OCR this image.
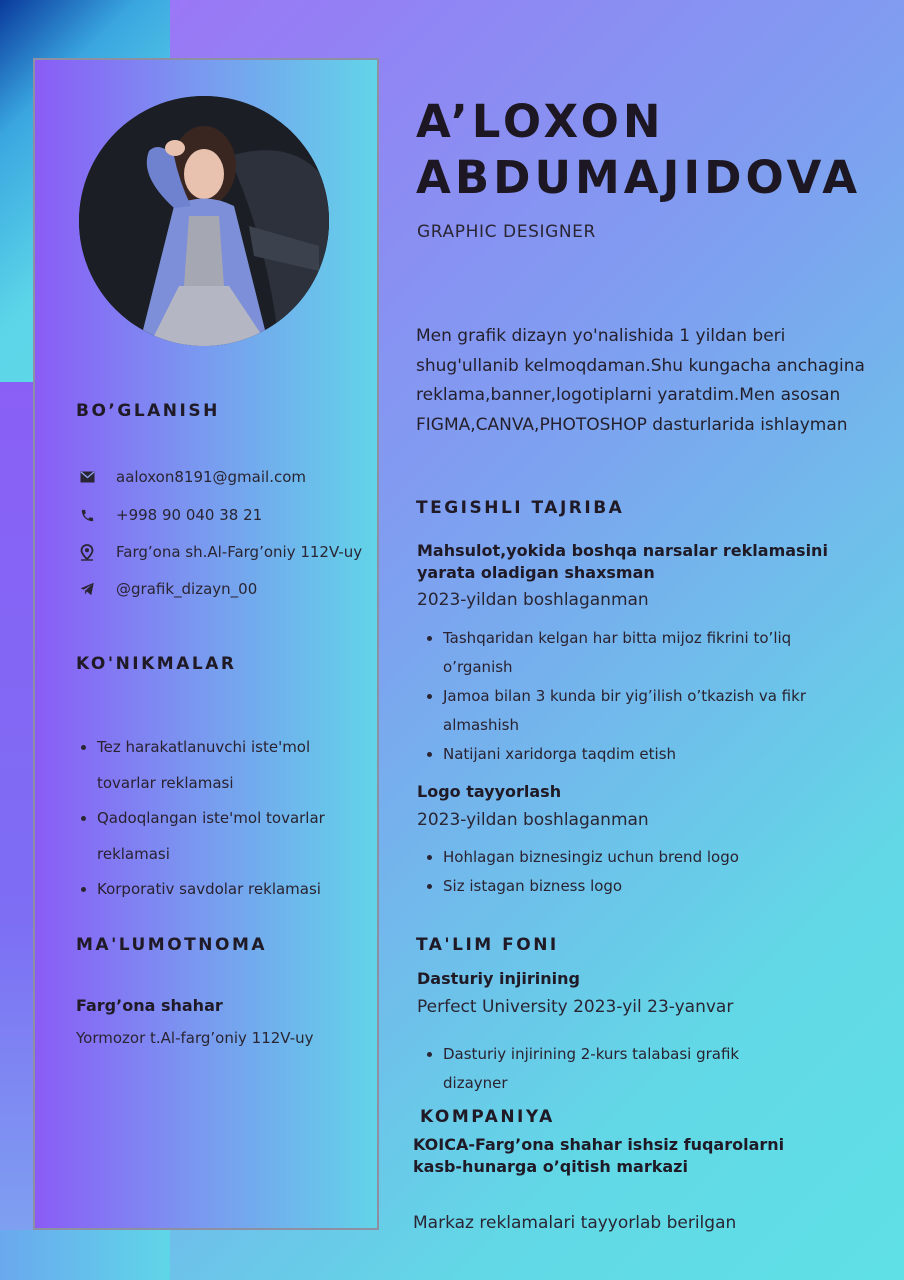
BO’GLANISH
aaloxon8191@gmail.com
+998 90 040 38 21
Farg’ona sh.Al-Farg’oniy 112V-uy
@grafik_dizayn_00
KO'NIKMALAR
Tez harakatlanuvchi iste'mol tovarlar reklamasi
Qadoqlangan iste'mol tovarlar reklamasi
Korporativ savdolar reklamasi
MA'LUMOTNOMA
Farg’ona shahar
Yormozor t.Al-farg’oniy 112V-uy
A’LOXON
ABDUMAJIDOVA
GRAPHIC DESIGNER
Men grafik dizayn yo'nalishida 1 yildan beri shug'ullanib kelmoqdaman.Shu kungacha anchagina reklama,banner,logotiplarni yaratdim.Men asosan FIGMA,CANVA,PHOTOSHOP dasturlarida ishlayman
TEGISHLI TAJRIBA
Mahsulot,yokida boshqa narsalar reklamasini yarata oladigan shaxsman
2023-yildan boshlaganman
Tashqaridan kelgan har bitta mijoz fikrini to’liq o’rganish
Jamoa bilan 3 kunda bir yig’ilish o’tkazish va fikr almashish
Natijani xaridorga taqdim etish
Logo tayyorlash
2023-yildan boshlaganman
Hohlagan biznesingiz uchun brend logo
Siz istagan bizness logo
TA'LIM FONI
Dasturiy injirining
Perfect University 2023-yil 23-yanvar
Dasturiy injirining 2-kurs talabasi grafik dizayner
KOMPANIYA
KOICA-Farg’ona shahar ishsiz fuqarolarni kasb-hunarga o’qitish markazi
Markaz reklamalari tayyorlab berilgan
